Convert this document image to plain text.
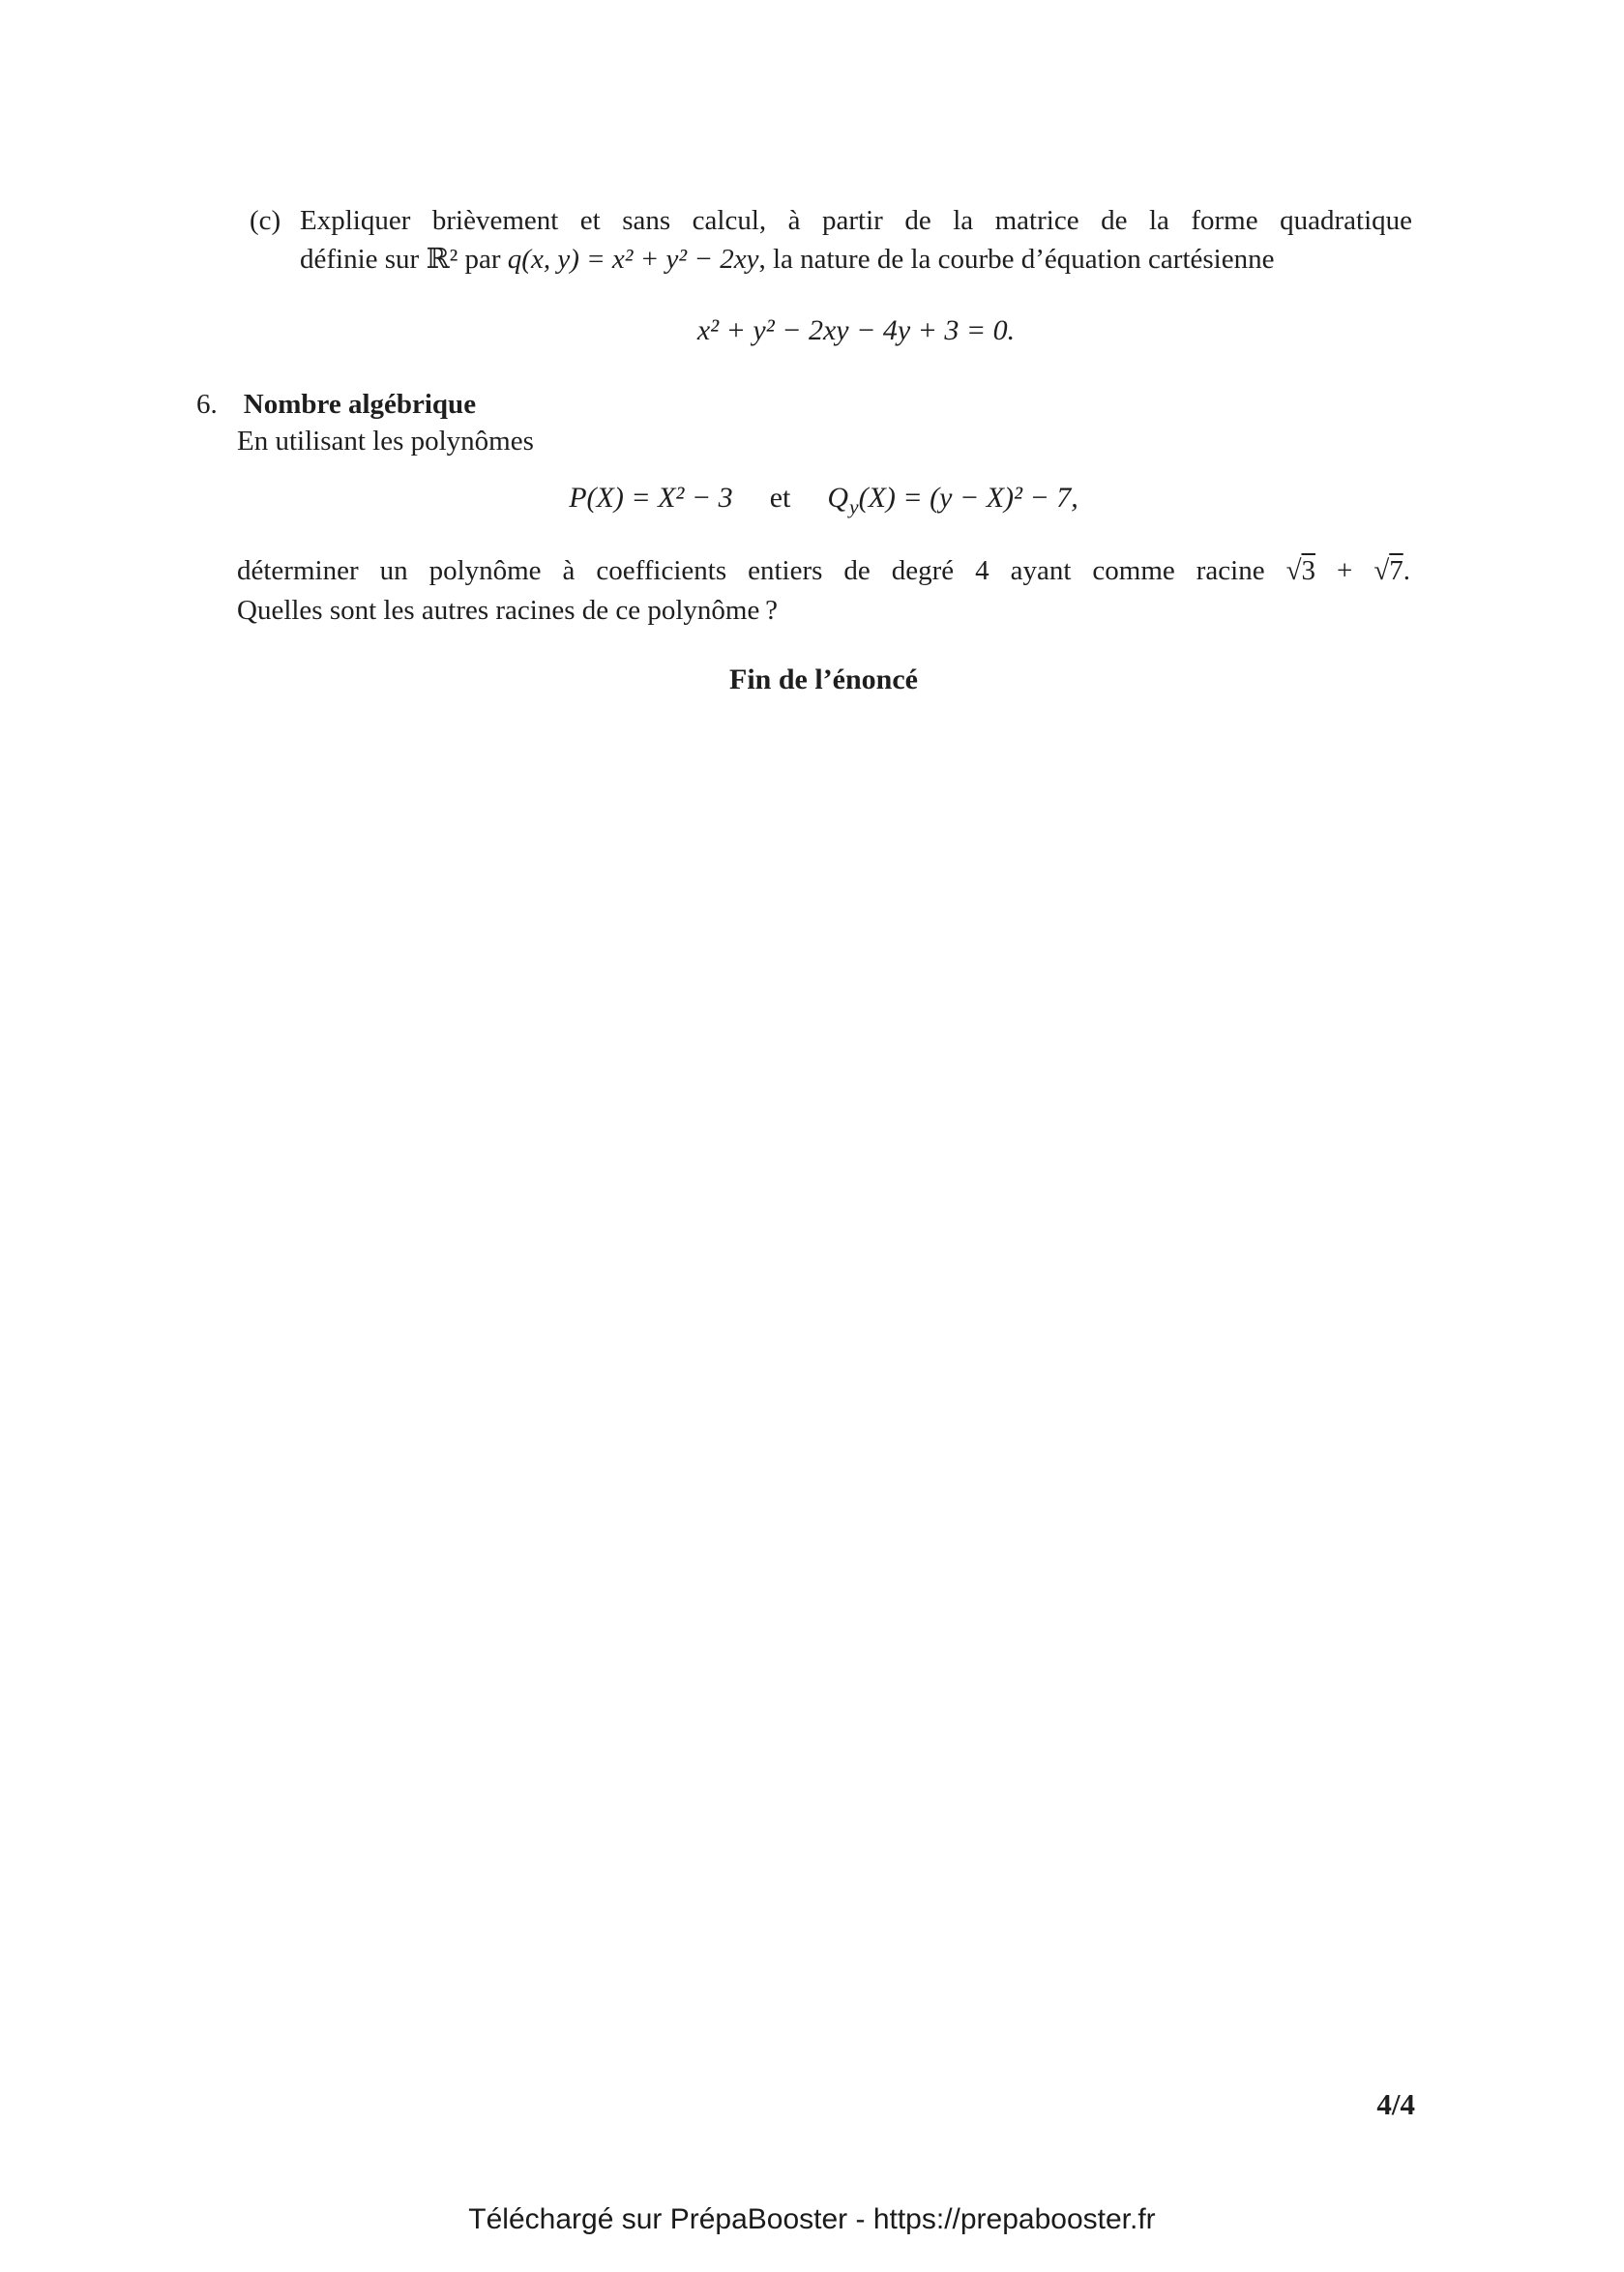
(c) Expliquer brièvement et sans calcul, à partir de la matrice de la forme quadratique
définie sur ℝ² par q(x, y) = x² + y² − 2xy, la nature de la courbe d’équation cartésienne
x² + y² − 2xy − 4y + 3 = 0.
6. Nombre algébrique
En utilisant les polynômes
P(X) = X² − 3 et $Q_y(X) = (y - X)^2 - 7$,
déterminer un polynôme à coefficients entiers de degré 4 ayant comme racine √3 + √7.
Quelles sont les autres racines de ce polynôme ?
Fin de l’énoncé
4/4
Téléchargé sur PrépaBooster - https://prepabooster.fr
